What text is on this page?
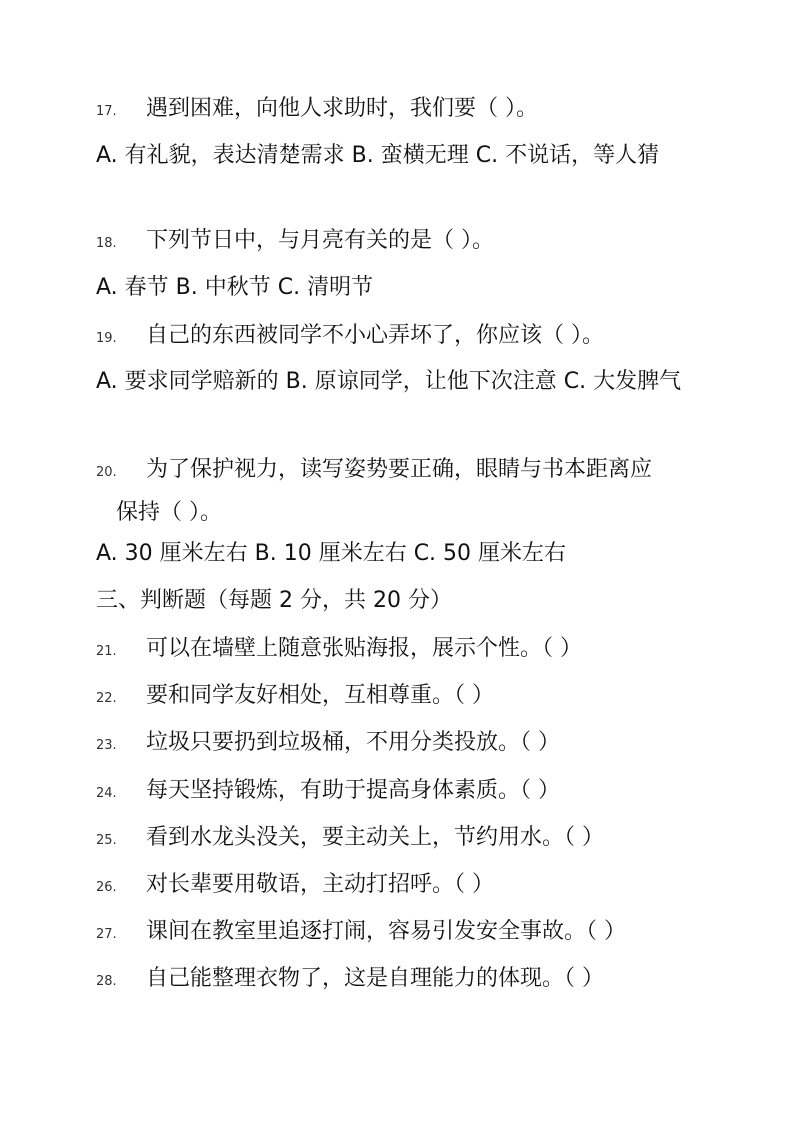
17. 遇到困难，向他人求助时，我们要（ ）。
A. 有礼貌，表达清楚需求 B. 蛮横无理 C. 不说话，等人猜
18. 下列节日中，与月亮有关的是（ ）。
A. 春节 B. 中秋节 C. 清明节
19. 自己的东西被同学不小心弄坏了，你应该（ ）。
A. 要求同学赔新的 B. 原谅同学，让他下次注意 C. 大发脾气
20. 为了保护视力，读写姿势要正确，眼睛与书本距离应
保持（ ）。
A. 30 厘米左右 B. 10 厘米左右 C. 50 厘米左右
三、判断题（每题 2 分，共 20 分）
21. 可以在墙壁上随意张贴海报，展示个性。（ ）
22. 要和同学友好相处，互相尊重。（ ）
23. 垃圾只要扔到垃圾桶，不用分类投放。（ ）
24. 每天坚持锻炼，有助于提高身体素质。（ ）
25. 看到水龙头没关，要主动关上，节约用水。（ ）
26. 对长辈要用敬语，主动打招呼。（ ）
27. 课间在教室里追逐打闹，容易引发安全事故。（ ）
28. 自己能整理衣物了，这是自理能力的体现。（ ）
